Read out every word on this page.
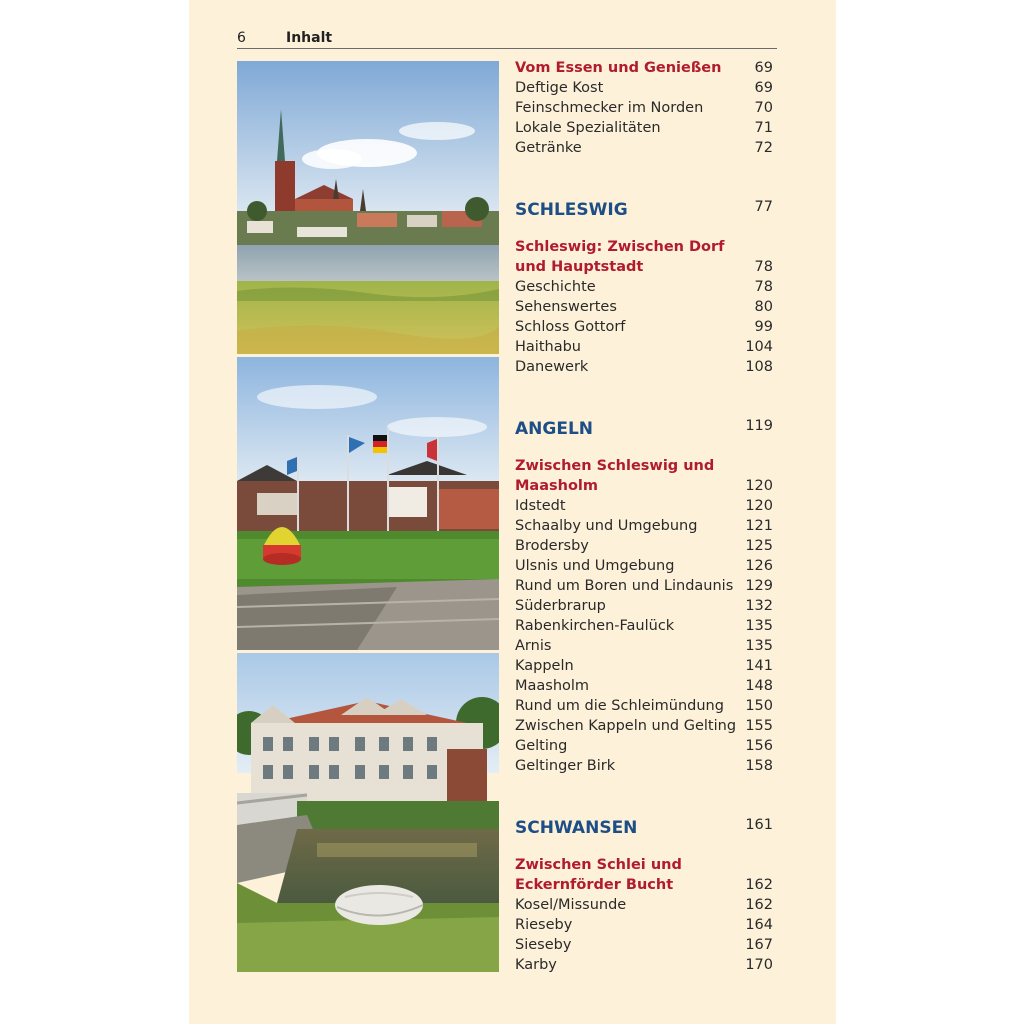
6	Inhalt
Vom Essen und Genießen 69
Deftige Kost	69
Feinschmecker im Norden	70
Lokale Spezialitäten	71
Getränke	72
SCHLESWIG	77
Schleswig: Zwischen Dorf
und Hauptstadt	78
Geschichte	78
Sehenswertes	80
Schloss Gottorf	99
Haithabu	104
Danewerk	108
ANGELN	119
Zwischen Schleswig und
Maasholm	120
Idstedt	120
Schaalby und Umgebung	121
Brodersby	125
Ulsnis und Umgebung	126
Rund um Boren und Lindaunis 129
Süderbrarup	132
Rabenkirchen-Faulück	135
Arnis	135
Kappeln	141
Maasholm	148
Rund um die Schleimündung 150
Zwischen Kappeln und Gelting 155
Gelting	156
Geltinger Birk	158
SCHWANSEN	161
Zwischen Schlei und
Eckernförder Bucht	162
Kosel/Missunde	162
Rieseby	164
Sieseby	167
Karby	170
